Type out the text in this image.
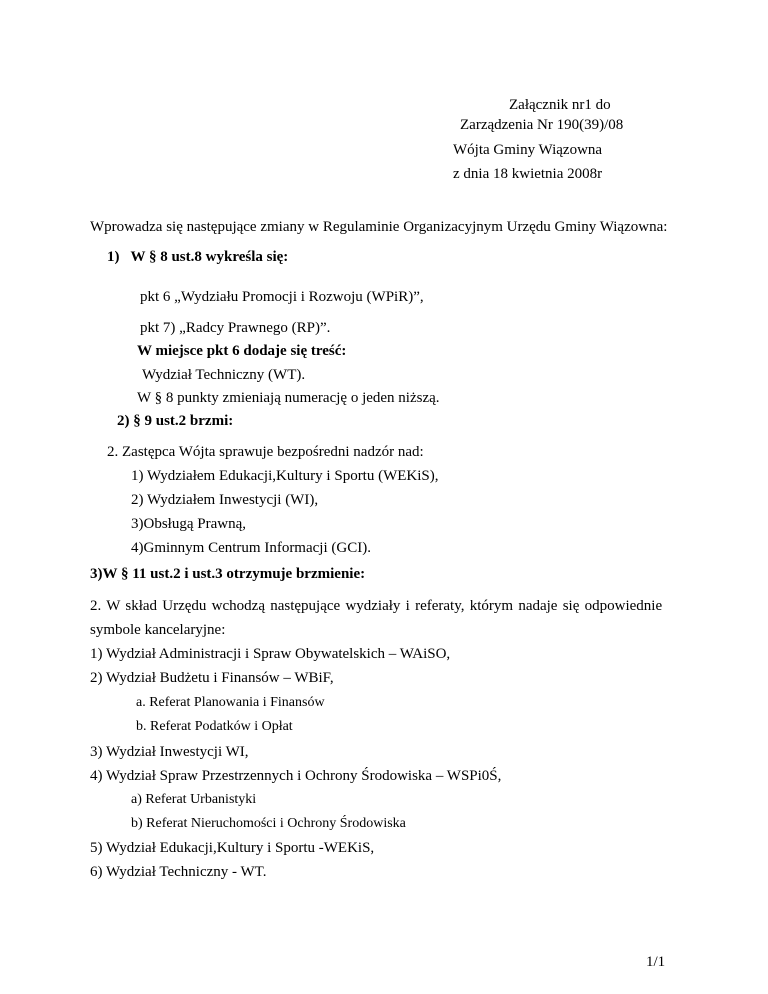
Załącznik nr1 do
Zarządzenia Nr 190(39)/08
Wójta Gminy Wiązowna
z dnia 18 kwietnia 2008r
Wprowadza się następujące zmiany w Regulaminie Organizacyjnym Urzędu Gminy Wiązowna:
1) W § 8 ust.8 wykreśla się:
pkt 6 „Wydziału Promocji i Rozwoju (WPiR)”,
pkt 7) „Radcy Prawnego (RP)”.
W miejsce pkt 6 dodaje się treść:
Wydział Techniczny (WT).
W § 8 punkty zmieniają numerację o jeden niższą.
2) § 9 ust.2 brzmi:
2. Zastępca Wójta sprawuje bezpośredni nadzór nad:
1) Wydziałem Edukacji,Kultury i Sportu (WEKiS),
2) Wydziałem Inwestycji (WI),
3)Obsługą Prawną,
4)Gminnym Centrum Informacji (GCI).
3)W § 11 ust.2 i ust.3 otrzymuje brzmienie:
2. W skład Urzędu wchodzą następujące wydziały i referaty, którym nadaje się odpowiednie
symbole kancelaryjne:
1) Wydział Administracji i Spraw Obywatelskich – WAiSO,
2) Wydział Budżetu i Finansów – WBiF,
a. Referat Planowania i Finansów
b. Referat Podatków i Opłat
3) Wydział Inwestycji WI,
4) Wydział Spraw Przestrzennych i Ochrony Środowiska – WSPi0Ś,
a) Referat Urbanistyki
b) Referat Nieruchomości i Ochrony Środowiska
5) Wydział Edukacji,Kultury i Sportu -WEKiS,
6) Wydział Techniczny - WT.
1/1
